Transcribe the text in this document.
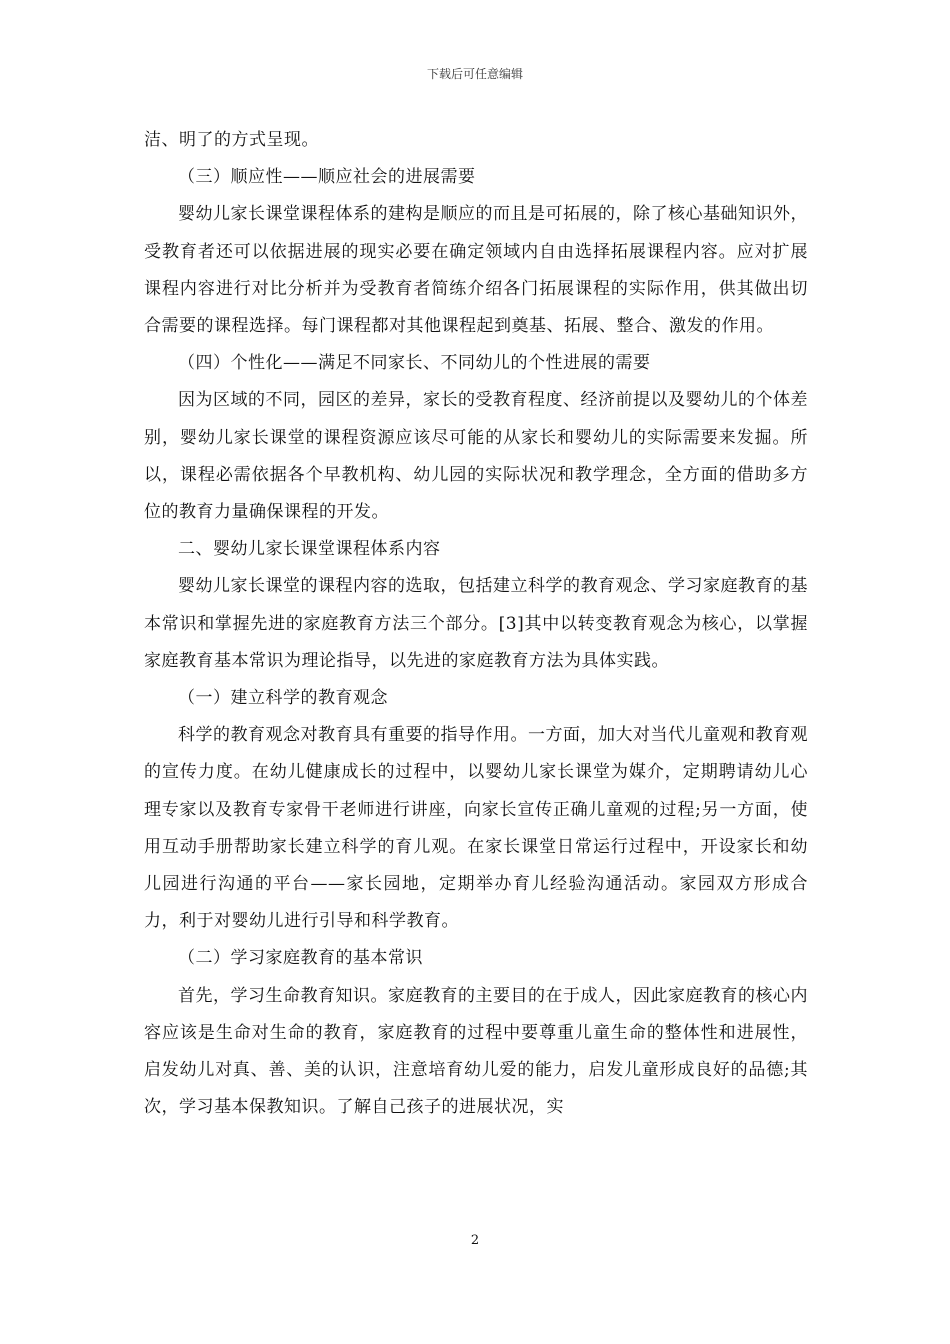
下载后可任意编辑

洁、明了的方式呈现。

（三）顺应性——顺应社会的进展需要

婴幼儿家长课堂课程体系的建构是顺应的而且是可拓展的，除了核心基础知识外，受教育者还可以依据进展的现实必要在确定领域内自由选择拓展课程内容。应对扩展课程内容进行对比分析并为受教育者简练介绍各门拓展课程的实际作用，供其做出切合需要的课程选择。每门课程都对其他课程起到奠基、拓展、整合、激发的作用。

（四）个性化——满足不同家长、不同幼儿的个性进展的需要

因为区域的不同，园区的差异，家长的受教育程度、经济前提以及婴幼儿的个体差别，婴幼儿家长课堂的课程资源应该尽可能的从家长和婴幼儿的实际需要来发掘。所以，课程必需依据各个早教机构、幼儿园的实际状况和教学理念，全方面的借助多方位的教育力量确保课程的开发。

二、婴幼儿家长课堂课程体系内容

婴幼儿家长课堂的课程内容的选取，包括建立科学的教育观念、学习家庭教育的基本常识和掌握先进的家庭教育方法三个部分。[3]其中以转变教育观念为核心，以掌握家庭教育基本常识为理论指导，以先进的家庭教育方法为具体实践。

（一）建立科学的教育观念

科学的教育观念对教育具有重要的指导作用。一方面，加大对当代儿童观和教育观的宣传力度。在幼儿健康成长的过程中，以婴幼儿家长课堂为媒介，定期聘请幼儿心理专家以及教育专家骨干老师进行讲座，向家长宣传正确儿童观的过程;另一方面，使用互动手册帮助家长建立科学的育儿观。在家长课堂日常运行过程中，开设家长和幼儿园进行沟通的平台——家长园地，定期举办育儿经验沟通活动。家园双方形成合力，利于对婴幼儿进行引导和科学教育。

（二）学习家庭教育的基本常识

首先，学习生命教育知识。家庭教育的主要目的在于成人，因此家庭教育的核心内容应该是生命对生命的教育，家庭教育的过程中要尊重儿童生命的整体性和进展性，启发幼儿对真、善、美的认识，注意培育幼儿爱的能力，启发儿童形成良好的品德;其次，学习基本保教知识。了解自己孩子的进展状况，实

2
